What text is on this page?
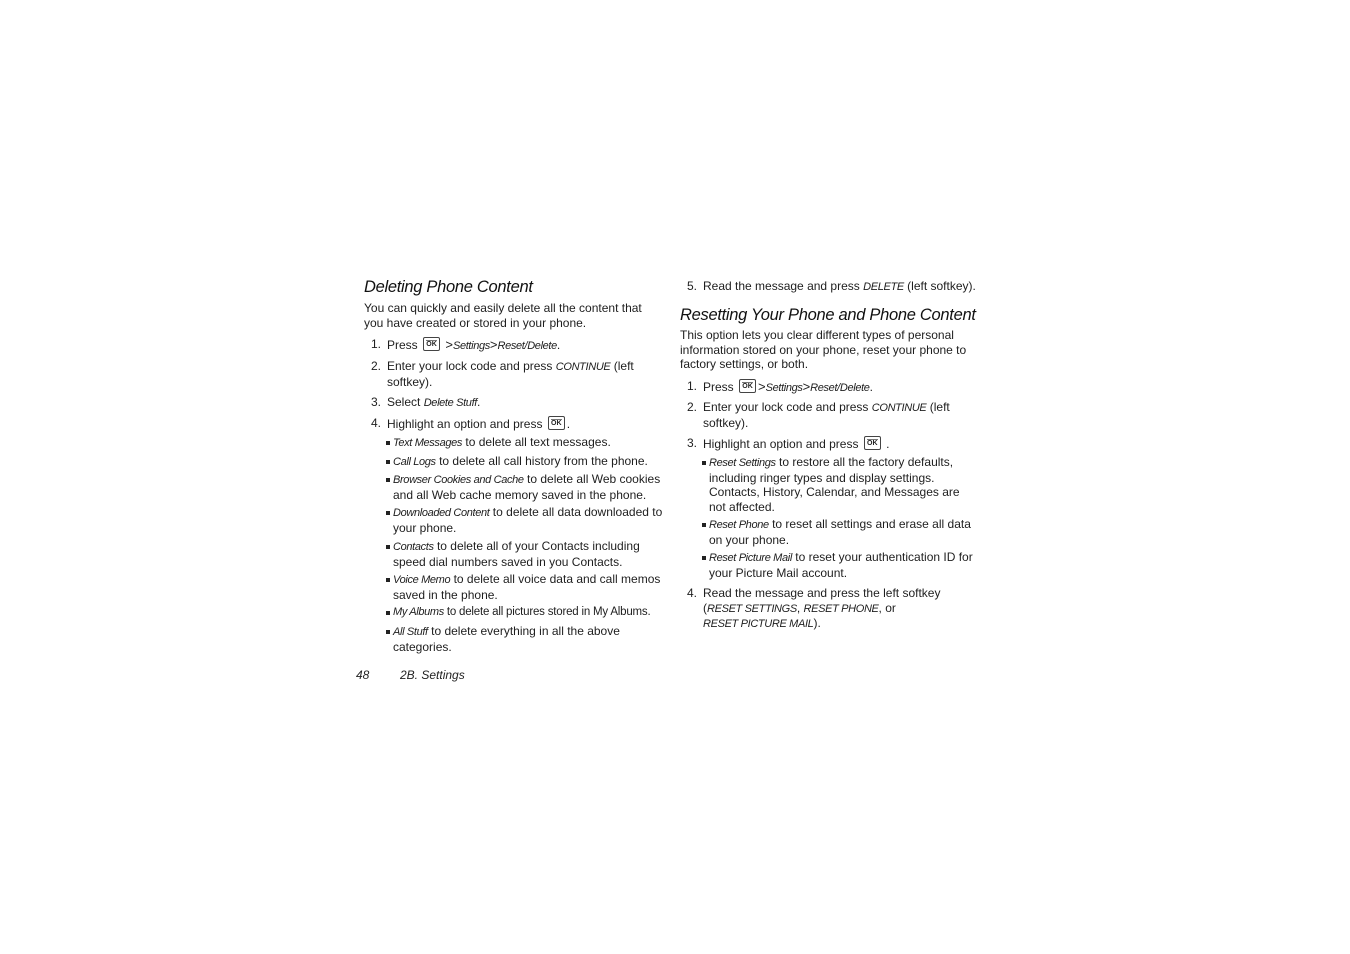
Deleting Phone Content

You can quickly and easily delete all the content that you have created or stored in your phone.

1. Press OK >Settings>Reset/Delete.
2. Enter your lock code and press CONTINUE (left softkey).
3. Select Delete Stuff.
4. Highlight an option and press OK .
Text Messages to delete all text messages.
Call Logs to delete all call history from the phone.
Browser Cookies and Cache to delete all Web cookies and all Web cache memory saved in the phone.
Downloaded Content to delete all data downloaded to your phone.
Contacts to delete all of your Contacts including speed dial numbers saved in you Contacts.
Voice Memo to delete all voice data and call memos saved in the phone.
My Albums to delete all pictures stored in My Albums.
All Stuff to delete everything in all the above categories.
5. Read the message and press DELETE (left softkey).
Resetting Your Phone and Phone Content

This option lets you clear different types of personal information stored on your phone, reset your phone to factory settings, or both.

1. Press OK >Settings>Reset/Delete.
2. Enter your lock code and press CONTINUE (left softkey).
3. Highlight an option and press OK .
Reset Settings to restore all the factory defaults, including ringer types and display settings. Contacts, History, Calendar, and Messages are not affected.
Reset Phone to reset all settings and erase all data on your phone.
Reset Picture Mail to reset your authentication ID for your Picture Mail account.
4. Read the message and press the left softkey (RESET SETTINGS, RESET PHONE, or
RESET PICTURE MAIL).
48	2B. Settings
